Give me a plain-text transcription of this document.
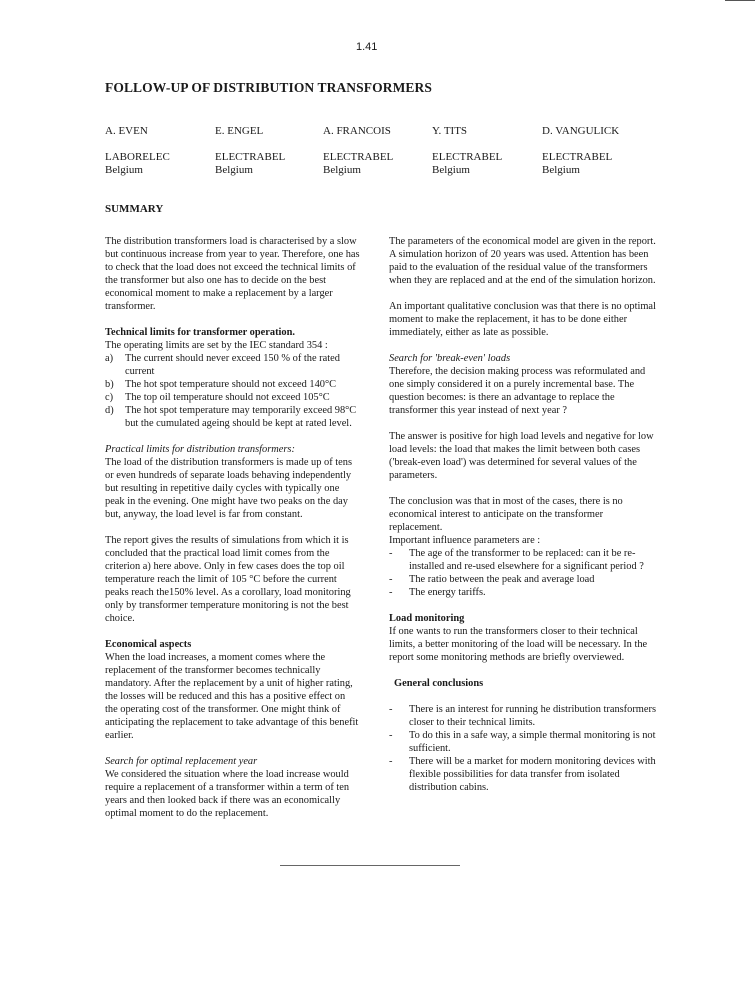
1.41
FOLLOW-UP OF DISTRIBUTION TRANSFORMERS
A. EVEN
LABORELEC
Belgium
E. ENGEL
ELECTRABEL
Belgium
A. FRANCOIS
ELECTRABEL
Belgium
Y. TITS
ELECTRABEL
Belgium
D. VANGULICK
ELECTRABEL
Belgium
SUMMARY

The distribution transformers load is characterised by a slow but continuous increase from year to year. Therefore, one has to check that the load does not exceed the technical limits of the transformer but also one has to decide on the best economical moment to make a replacement by a larger transformer.

Technical limits for transformer operation.

The operating limits are set by the IEC standard 354 :

a) The current should never exceed 150 % of the rated current
b) The hot spot temperature should not exceed 140°C
c) The top oil temperature should not exceed 105°C
d) The hot spot temperature may temporarily exceed 98°C but the cumulated ageing should be kept at rated level.

Practical limits for distribution transformers:

The load of the distribution transformers is made up of tens or even hundreds of separate loads behaving independently but resulting in repetitive daily cycles with typically one peak in the evening. One might have two peaks on the day but, anyway, the load level is far from constant.

The report gives the results of simulations from which it is concluded that the practical load limit comes from the criterion a) here above. Only in few cases does the top oil temperature reach the limit of 105 °C before the current peaks reach the150% level. As a corollary, load monitoring only by transformer temperature monitoring is not the best choice.

Economical aspects

When the load increases, a moment comes where the replacement of the transformer becomes technically mandatory. After the replacement by a unit of higher rating, the losses will be reduced and this has a positive effect on the operating cost of the transformer. One might think of anticipating the replacement to take advantage of this benefit earlier.

Search for optimal replacement year

We considered the situation where the load increase would require a replacement of a transformer within a term of ten years and then looked back if there was an economically optimal moment to do the replacement.

The parameters of the economical model are given in the report. A simulation horizon of 20 years was used. Attention has been paid to the evaluation of the residual value of the transformers when they are replaced and at the end of the simulation horizon.

An important qualitative conclusion was that there is no optimal moment to make the replacement, it has to be done either immediately, either as late as possible.

Search for 'break-even' loads

Therefore, the decision making process was reformulated and one simply considered it on a purely incremental base. The question becomes: is there an advantage to replace the transformer this year instead of next year ?

The answer is positive for high load levels and negative for low load levels: the load that makes the limit between both cases ('break-even load') was determined for several values of the parameters.

The conclusion was that in most of the cases, there is no economical interest to anticipate on the transformer replacement.

Important influence parameters are :

- The age of the transformer to be replaced: can it be re-installed and re-used elsewhere for a significant period ?
- The ratio between the peak and average load
- The energy tariffs.

Load monitoring

If one wants to run the transformers closer to their technical limits, a better monitoring of the load will be necessary. In the report some monitoring methods are briefly overviewed.

General conclusions

- There is an interest for running he distribution transformers closer to their technical limits.
- To do this in a safe way, a simple thermal monitoring is not sufficient.
- There will be a market for modern monitoring devices with flexible possibilities for data transfer from isolated distribution cabins.
